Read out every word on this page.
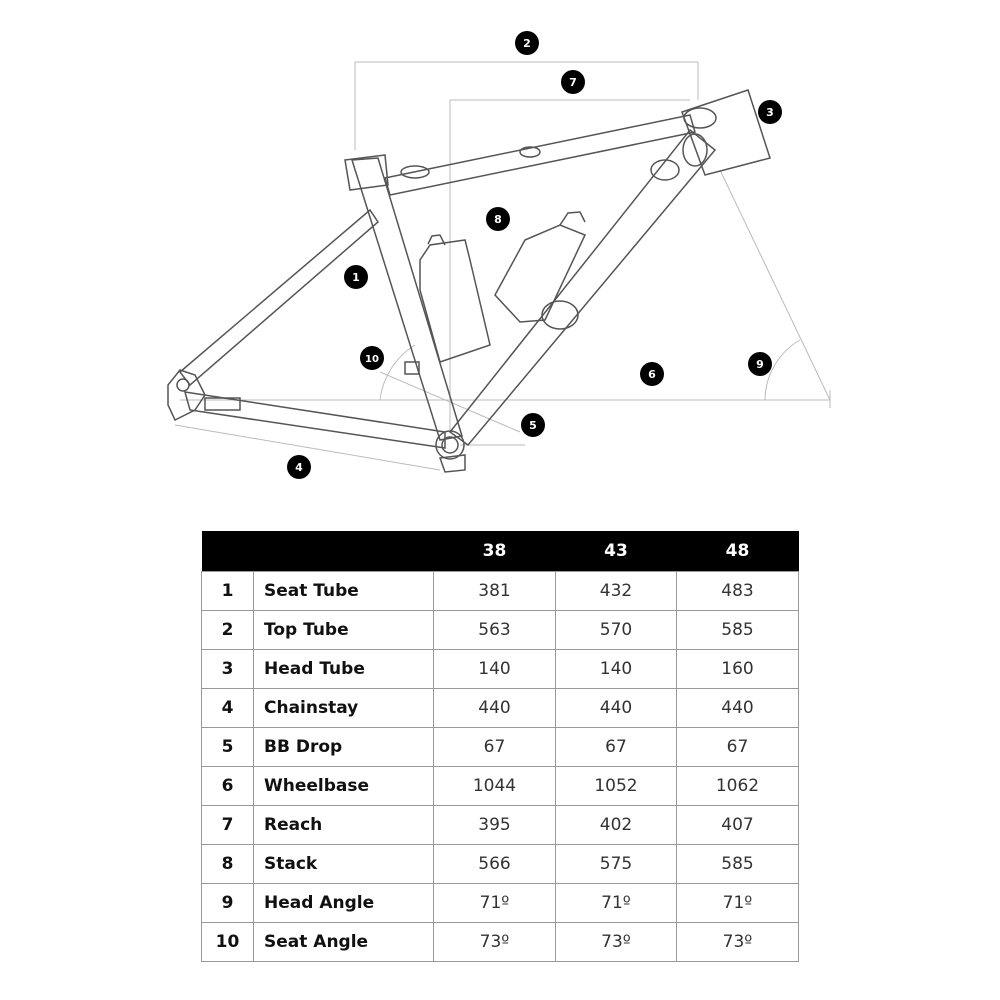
1
2
3
4
5
6
7
8
9
10
		38	43	48
1	Seat Tube	381	432	483
2	Top Tube	563	570	585
3	Head Tube	140	140	160
4	Chainstay	440	440	440
5	BB Drop	67	67	67
6	Wheelbase	1044	1052	1062
7	Reach	395	402	407
8	Stack	566	575	585
9	Head Angle	71º	71º	71º
10	Seat Angle	73º	73º	73º
